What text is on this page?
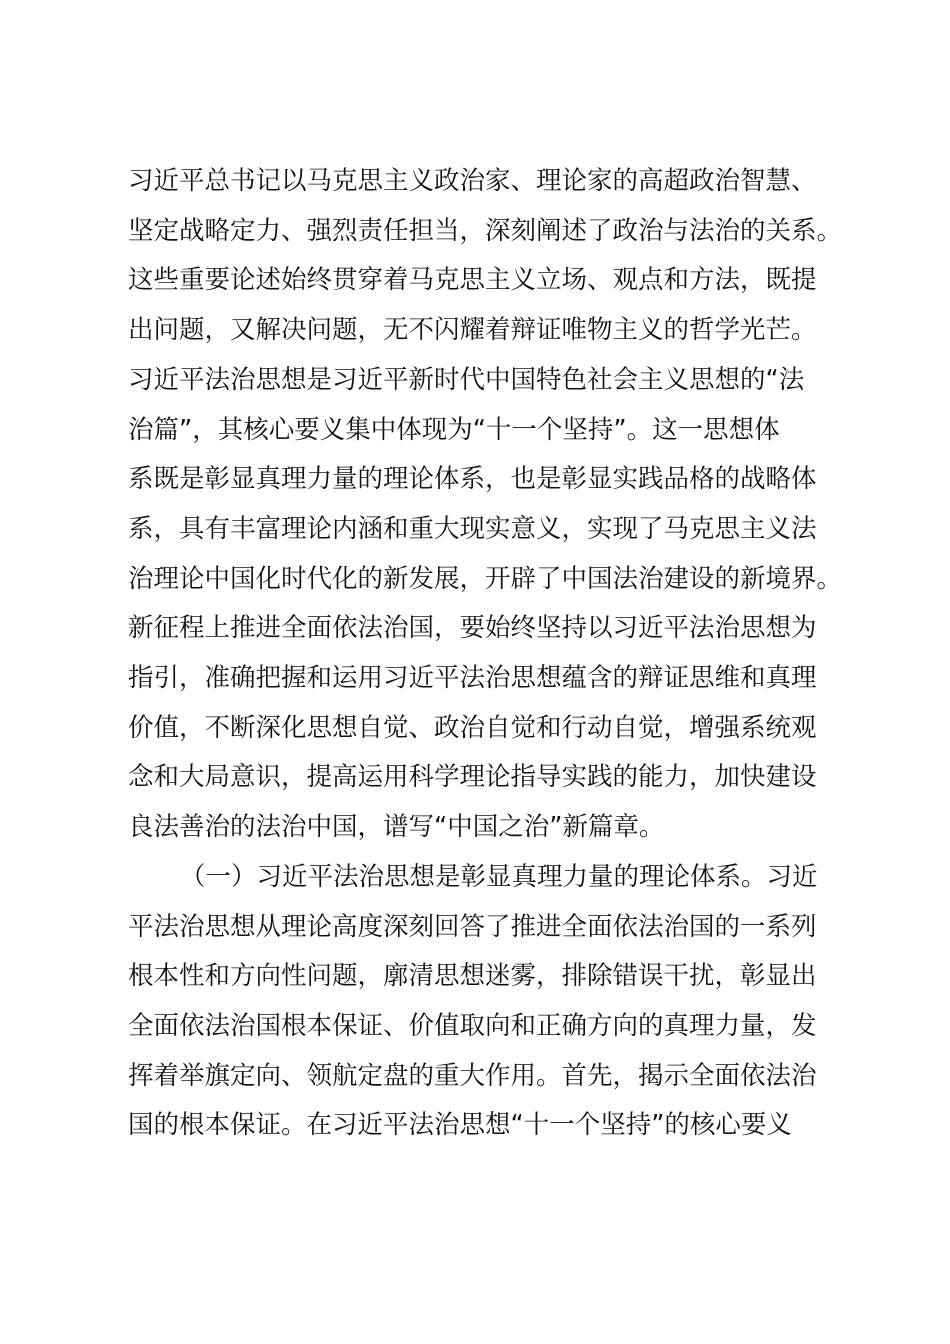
习近平总书记以马克思主义政治家、理论家的高超政治智慧、
坚定战略定力、强烈责任担当，深刻阐述了政治与法治的关系。
这些重要论述始终贯穿着马克思主义立场、观点和方法，既提
出问题，又解决问题，无不闪耀着辩证唯物主义的哲学光芒。
习近平法治思想是习近平新时代中国特色社会主义思想的“法
治篇”，其核心要义集中体现为“十一个坚持”。这一思想体
系既是彰显真理力量的理论体系，也是彰显实践品格的战略体
系，具有丰富理论内涵和重大现实意义，实现了马克思主义法
治理论中国化时代化的新发展，开辟了中国法治建设的新境界。
新征程上推进全面依法治国，要始终坚持以习近平法治思想为
指引，准确把握和运用习近平法治思想蕴含的辩证思维和真理
价值，不断深化思想自觉、政治自觉和行动自觉，增强系统观
念和大局意识，提高运用科学理论指导实践的能力，加快建设
良法善治的法治中国，谱写“中国之治”新篇章。
（一）习近平法治思想是彰显真理力量的理论体系。习近
平法治思想从理论高度深刻回答了推进全面依法治国的一系列
根本性和方向性问题，廓清思想迷雾，排除错误干扰，彰显出
全面依法治国根本保证、价值取向和正确方向的真理力量，发
挥着举旗定向、领航定盘的重大作用。首先，揭示全面依法治
国的根本保证。在习近平法治思想“十一个坚持”的核心要义
